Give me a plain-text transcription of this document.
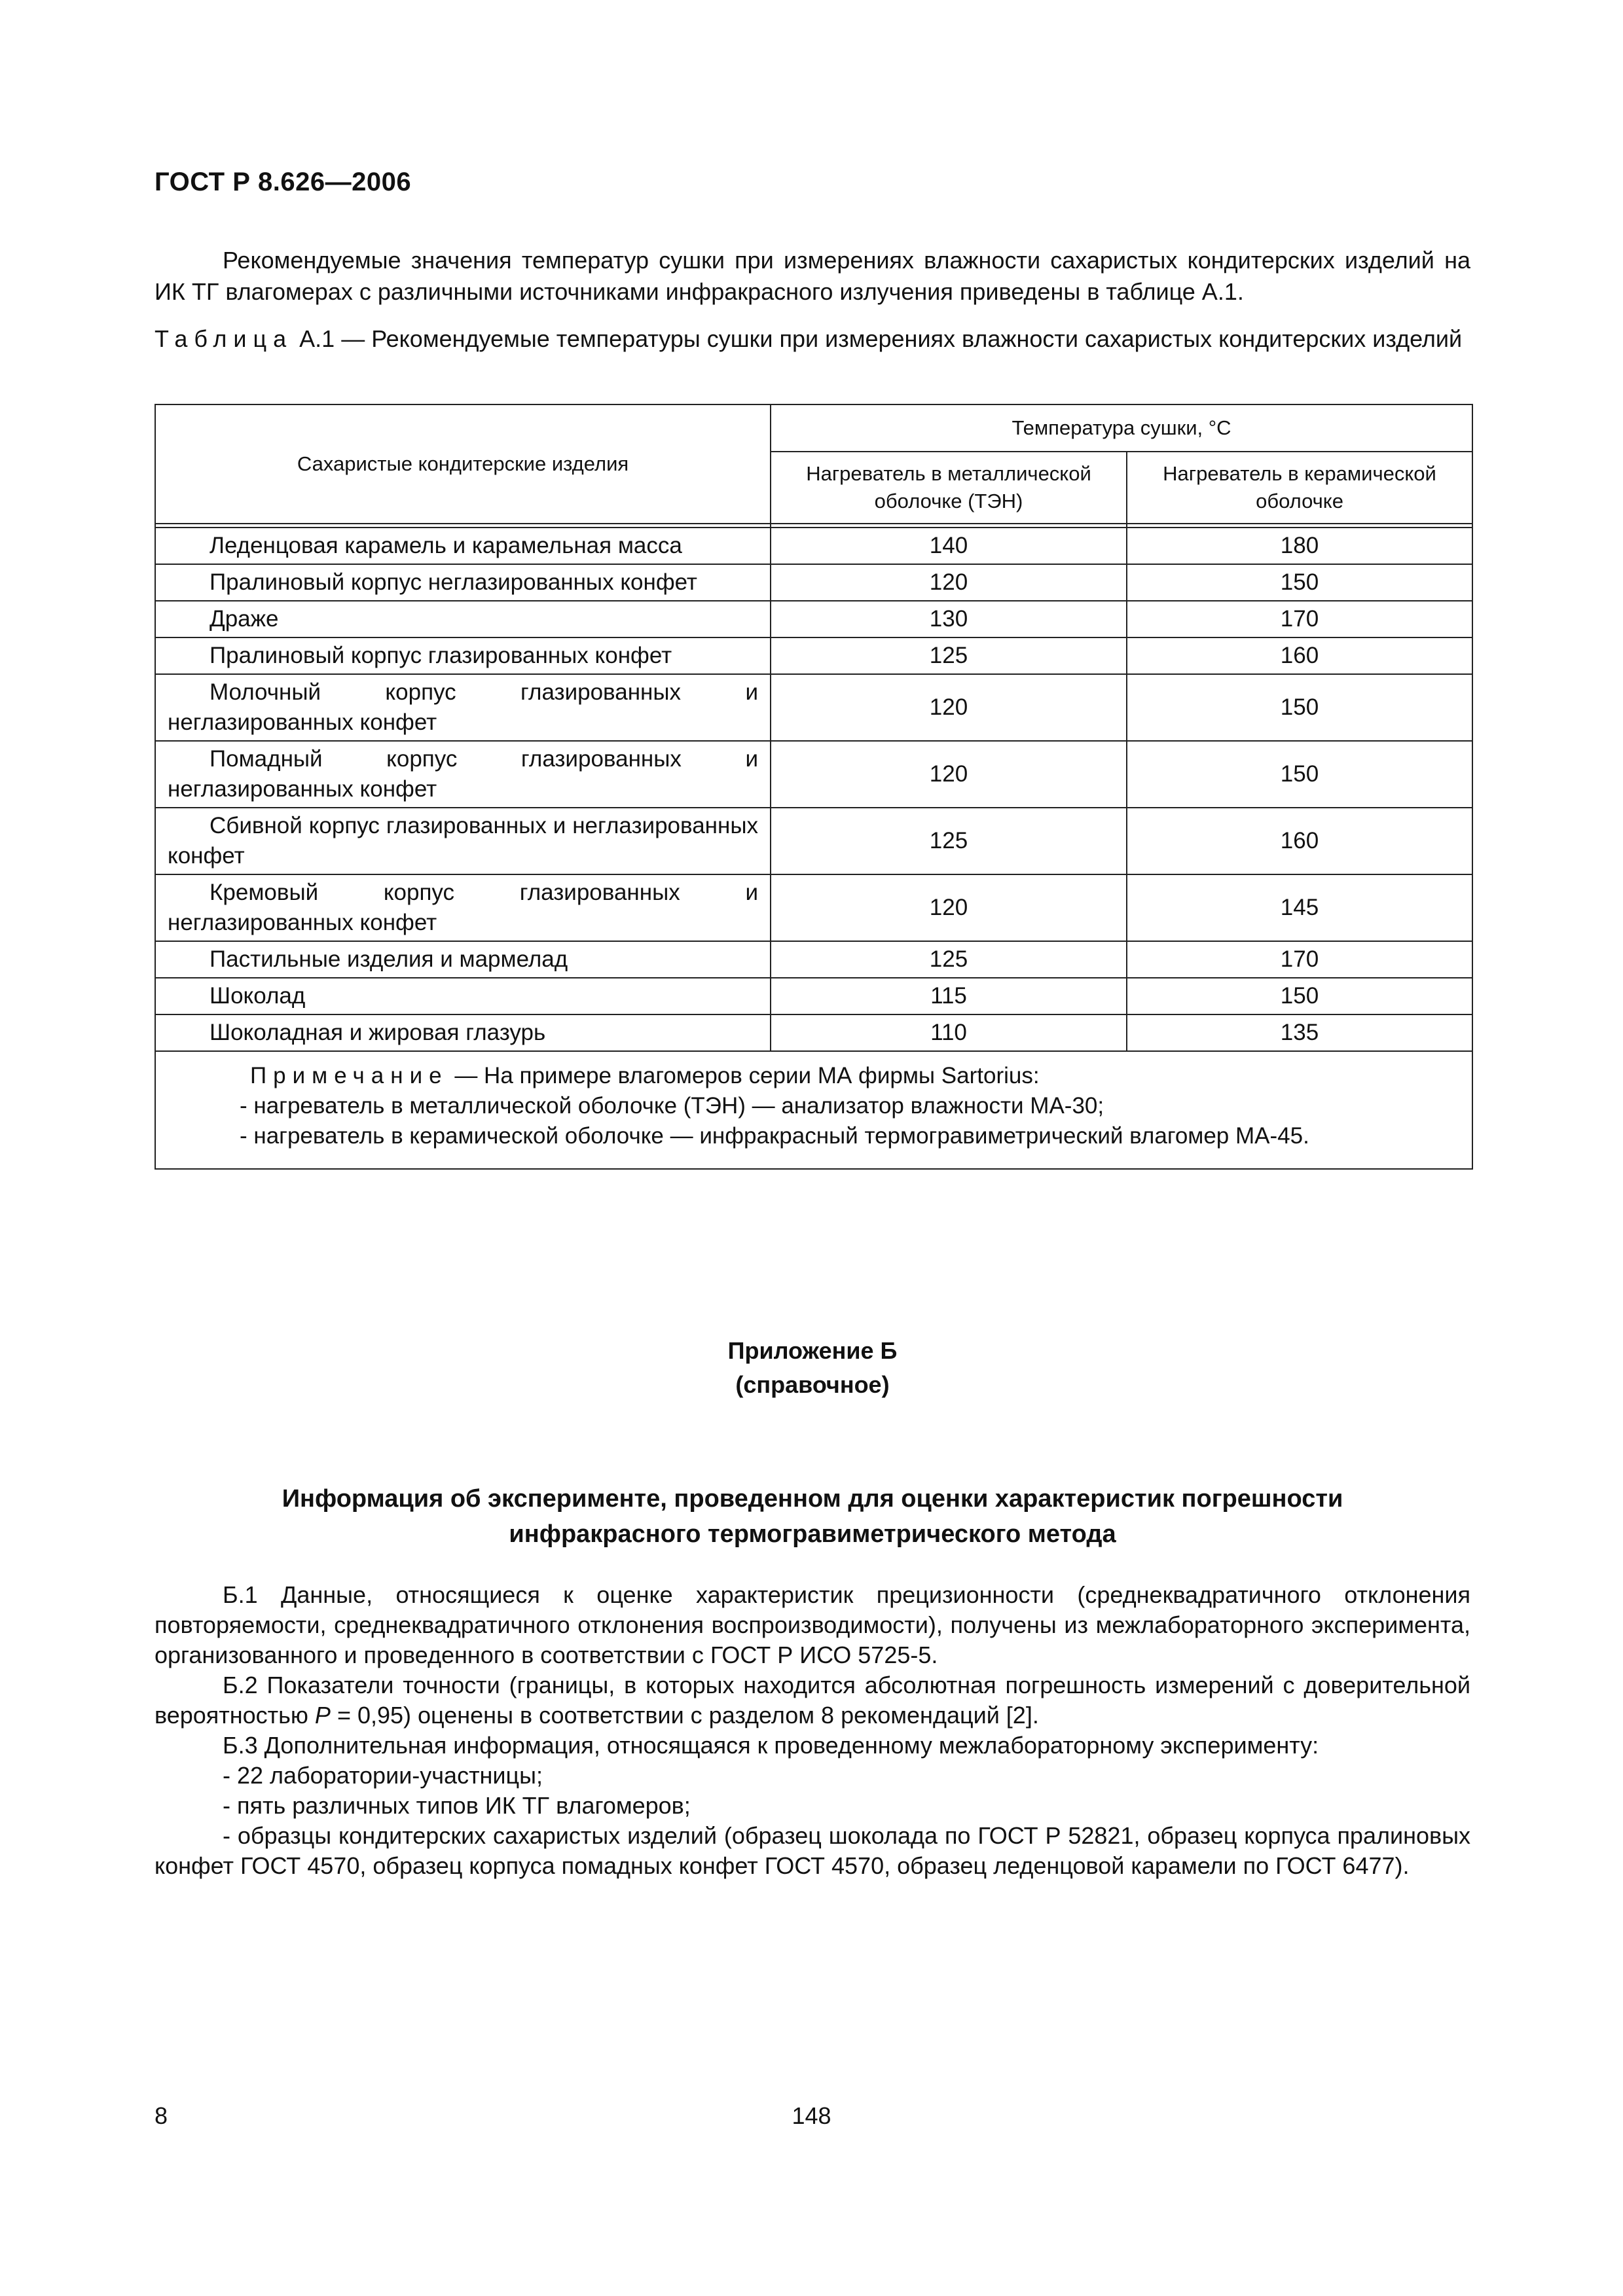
ГОСТ Р 8.626—2006

Рекомендуемые значения температур сушки при измерениях влажности сахаристых кондитерских изделий на ИК ТГ влагомерах с различными источниками инфракрасного излучения приведены в таблице А.1.

Таблица А.1 — Рекомендуемые температуры сушки при измерениях влажности сахаристых кондитерских изделий

Сахаристые кондитерские изделия	Температура сушки, °С	
	Нагреватель в металлической оболочке (ТЭН)	Нагреватель в керамической оболочке

Леденцовая карамель и карамельная масса	140	180
Пралиновый корпус неглазированных конфет	120	150
Драже	130	170
Пралиновый корпус глазированных конфет	125	160
Молочный корпус глазированных и неглазированных конфет	120	150
Помадный корпус глазированных и неглазированных конфет	120	150
Сбивной корпус глазированных и неглазированных конфет	125	160
Кремовый корпус глазированных и неглазированных конфет	120	145
Пастильные изделия и мармелад	125	170
Шоколад	115	150
Шоколадная и жировая глазурь	110	135

Примечание — На примере влагомеров серии МА фирмы Sartorius:
- нагреватель в металлической оболочке (ТЭН) — анализатор влажности МА-30;
- нагреватель в керамической оболочке — инфракрасный термогравиметрический влагомер МА-45.		
Приложение Б
(справочное)
Информация об эксперименте, проведенном для оценки характеристик погрешности
инфракрасного термогравиметрического метода

Б.1 Данные, относящиеся к оценке характеристик прецизионности (среднеквадратичного отклонения повторяемости, среднеквадратичного отклонения воспроизводимости), получены из межлабораторного эксперимента, организованного и проведенного в соответствии с ГОСТ Р ИСО 5725-5.

Б.2 Показатели точности (границы, в которых находится абсолютная погрешность измерений с доверительной вероятностью Р = 0,95) оценены в соответствии с разделом 8 рекомендаций [2].

Б.3 Дополнительная информация, относящаяся к проведенному межлабораторному эксперименту:

- 22 лаборатории-участницы;

- пять различных типов ИК ТГ влагомеров;

- образцы кондитерских сахаристых изделий (образец шоколада по ГОСТ Р 52821, образец корпуса пралиновых конфет ГОСТ 4570, образец корпуса помадных конфет ГОСТ 4570, образец леденцовой карамели по ГОСТ 6477).

8	148
